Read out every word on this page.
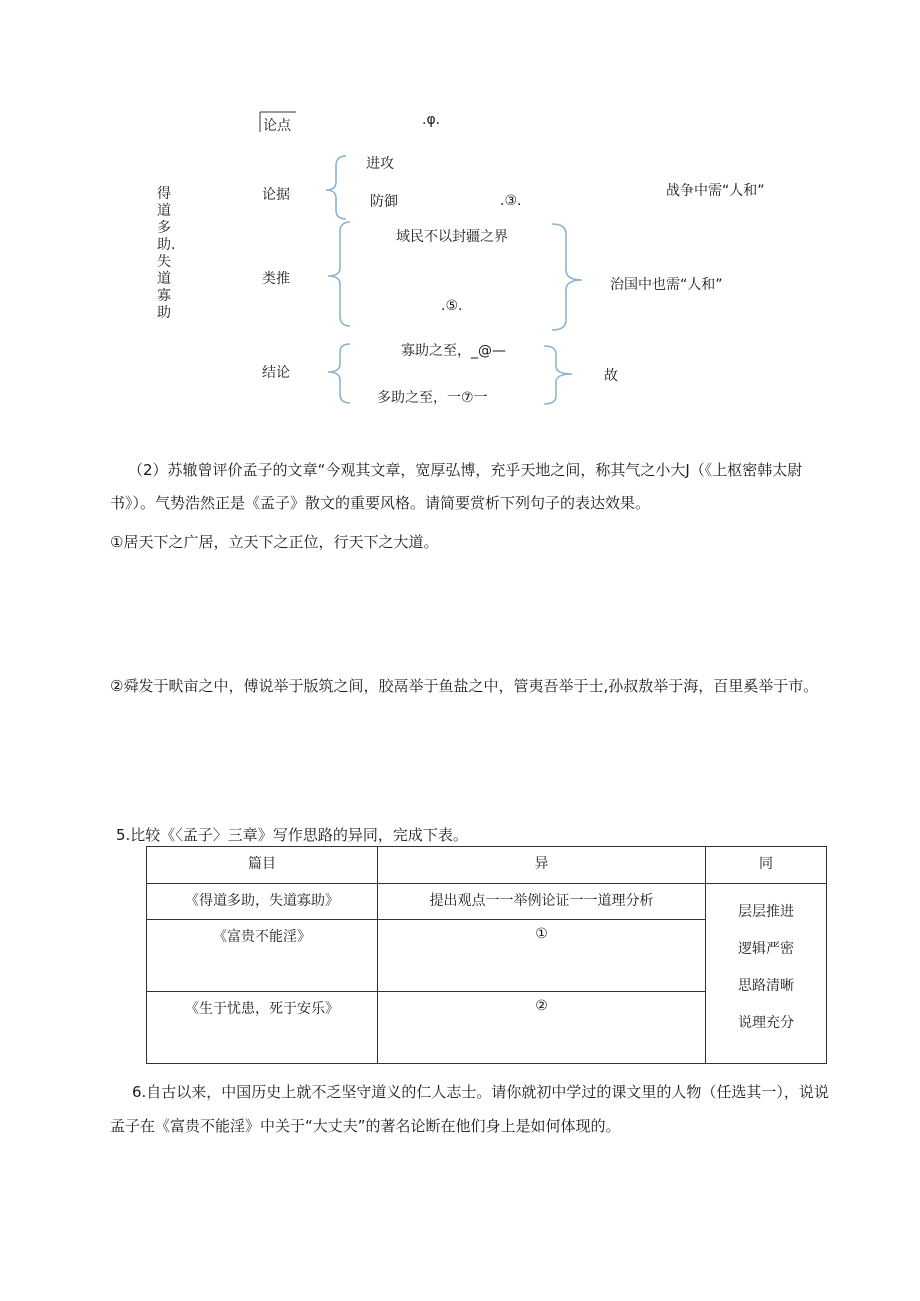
得道多助．失道寡助
论点	.φ.
论据
进攻
防御	.③.
战争中需“人和”
类推
域民不以封疆之界
.⑤.
治国中也需“人和”
结论
寡助之至，_@—
多助之至，一⑦一
故
（2）苏辙曾评价孟子的文章“今观其文章，宽厚弘博，充乎天地之间，称其气之小大J（《上枢密韩太尉
书》）。气势浩然正是《孟子》散文的重要风格。请简要赏析下列句子的表达效果。
①居天下之广居，立天下之正位，行天下之大道。
②舜发于畎亩之中，傅说举于版筑之间，胶鬲举于鱼盐之中，管夷吾举于士,孙叔敖举于海，百里奚举于市。
5.比较《〈孟子〉三章》写作思路的异同，完成下表。
篇目	异	同
《得道多助，失道寡助》	提出观点一一举例论证一一道理分析	层层推进
逻辑严密
思路清晰
说理充分

《富贵不能淫》	①	
《生于忧患，死于安乐》	②	
6.自古以来，中国历史上就不乏坚守道义的仁人志士。请你就初中学过的课文里的人物（任选其一），说说
孟子在《富贵不能淫》中关于“大丈夫”的著名论断在他们身上是如何体现的。
